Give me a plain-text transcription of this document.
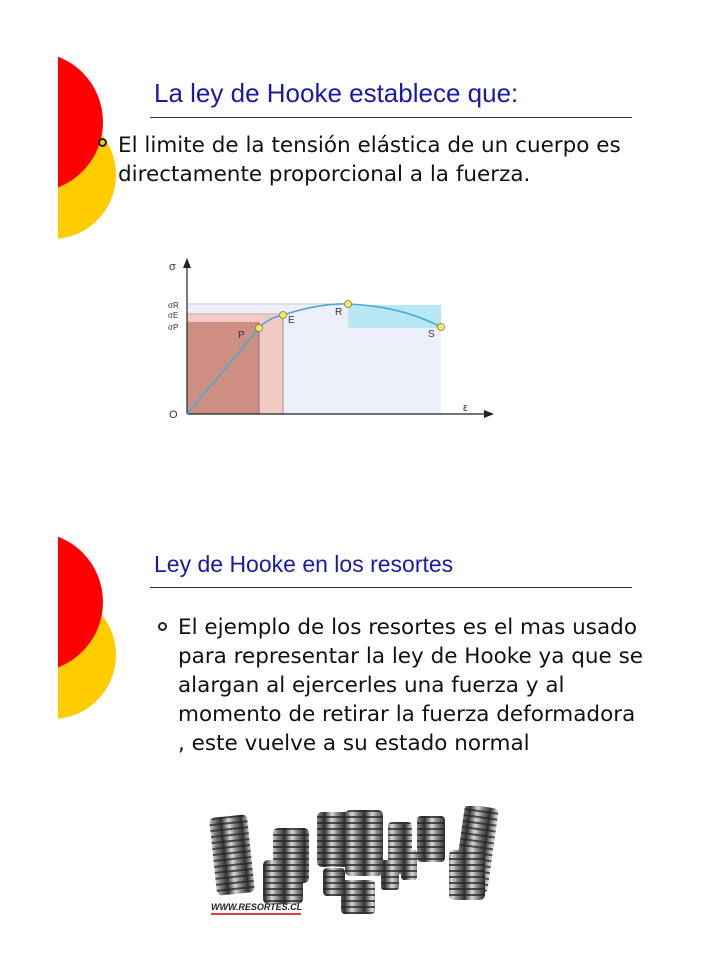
La ley de Hooke establece que:
El limite de la tensión elástica de un cuerpo es directamente proporcional a la fuerza.
σ
ε
O
σR
σE
σP
P
E
R
S
Ley de Hooke en los resortes
El ejemplo de los resortes es el mas usado para representar la ley de Hooke ya que se alargan al ejercerles una fuerza y al momento de retirar la fuerza deformadora , este vuelve a su estado normal
WWW.RESORTES.CL
